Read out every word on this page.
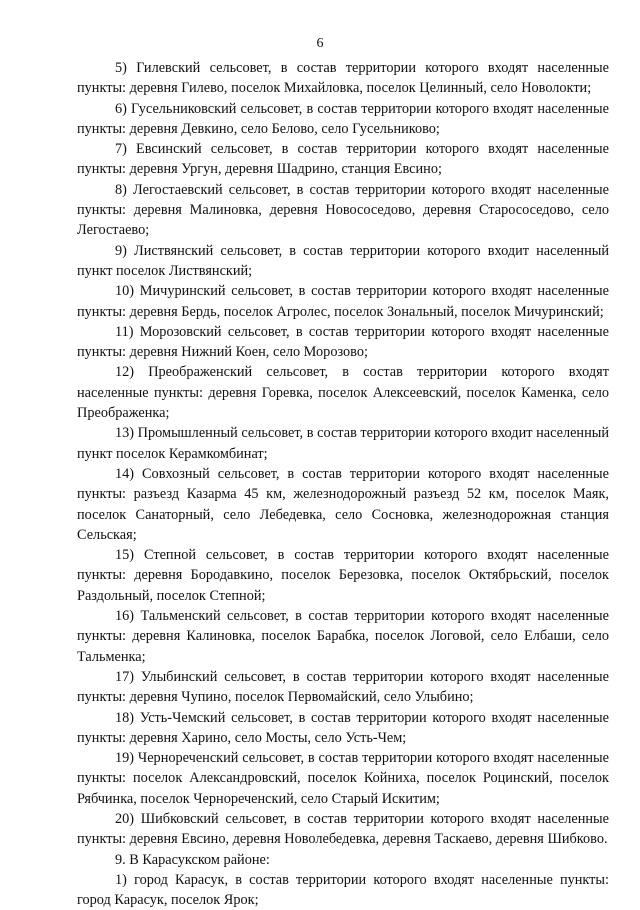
6

5) Гилевский сельсовет, в состав территории которого входят населенные пункты: деревня Гилево, поселок Михайловка, поселок Целинный, село Новолокти;

6) Гусельниковский сельсовет, в состав территории которого входят населенные пункты: деревня Девкино, село Белово, село Гусельниково;

7) Евсинский сельсовет, в состав территории которого входят населенные пункты: деревня Ургун, деревня Шадрино, станция Евсино;

8) Легостаевский сельсовет, в состав территории которого входят населенные пункты: деревня Малиновка, деревня Новососедово, деревня Старососедово, село Легостаево;

9) Листвянский сельсовет, в состав территории которого входит населенный пункт поселок Листвянский;

10) Мичуринский сельсовет, в состав территории которого входят населенные пункты: деревня Бердь, поселок Агролес, поселок Зональный, поселок Мичуринский;

11) Морозовский сельсовет, в состав территории которого входят населенные пункты: деревня Нижний Коен, село Морозово;

12) Преображенский сельсовет, в состав территории которого входят населенные пункты: деревня Горевка, поселок Алексеевский, поселок Каменка, село Преображенка;

13) Промышленный сельсовет, в состав территории которого входит населенный пункт поселок Керамкомбинат;

14) Совхозный сельсовет, в состав территории которого входят населенные пункты: разъезд Казарма 45 км, железнодорожный разъезд 52 км, поселок Маяк, поселок Санаторный, село Лебедевка, село Сосновка, железнодорожная станция Сельская;

15) Степной сельсовет, в состав территории которого входят населенные пункты: деревня Бородавкино, поселок Березовка, поселок Октябрьский, поселок Раздольный, поселок Степной;

16) Тальменский сельсовет, в состав территории которого входят населенные пункты: деревня Калиновка, поселок Барабка, поселок Логовой, село Елбаши, село Тальменка;

17) Улыбинский сельсовет, в состав территории которого входят населенные пункты: деревня Чупино, поселок Первомайский, село Улыбино;

18) Усть-Чемский сельсовет, в состав территории которого входят населенные пункты: деревня Харино, село Мосты, село Усть-Чем;

19) Чернореченский сельсовет, в состав территории которого входят населенные пункты: поселок Александровский, поселок Койниха, поселок Роцинский, поселок Рябчинка, поселок Чернореченский, село Старый Искитим;

20) Шибковский сельсовет, в состав территории которого входят населенные пункты: деревня Евсино, деревня Новолебедевка, деревня Таскаево, деревня Шибково.

9. В Карасукском районе:

1) город Карасук, в состав территории которого входят населенные пункты: город Карасук, поселок Ярок;
